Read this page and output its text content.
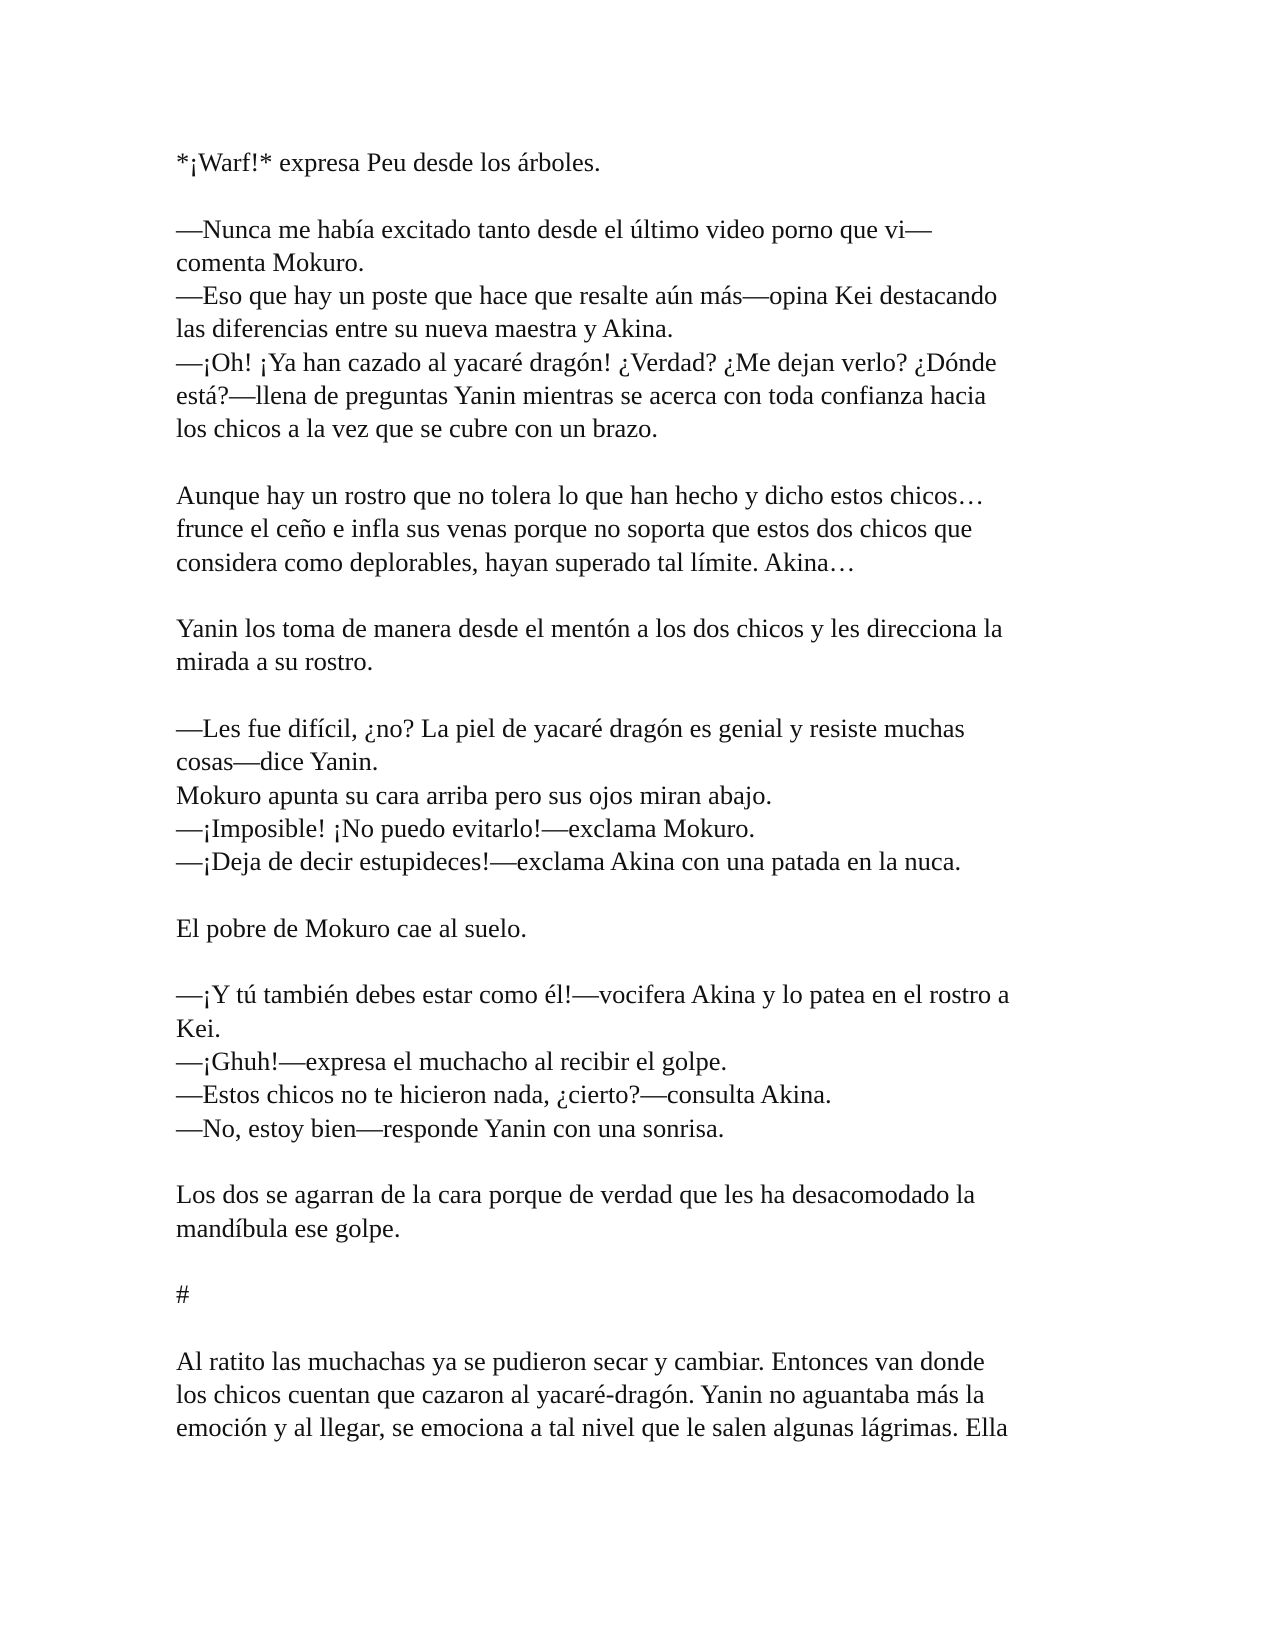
*¡Warf!* expresa Peu desde los árboles.
—Nunca me había excitado tanto desde el último video porno que vi—
comenta Mokuro.
—Eso que hay un poste que hace que resalte aún más—opina Kei destacando
las diferencias entre su nueva maestra y Akina.
—¡Oh! ¡Ya han cazado al yacaré dragón! ¿Verdad? ¿Me dejan verlo? ¿Dónde
está?—llena de preguntas Yanin mientras se acerca con toda confianza hacia
los chicos a la vez que se cubre con un brazo.
Aunque hay un rostro que no tolera lo que han hecho y dicho estos chicos…
frunce el ceño e infla sus venas porque no soporta que estos dos chicos que
considera como deplorables, hayan superado tal límite. Akina…
Yanin los toma de manera desde el mentón a los dos chicos y les direcciona la
mirada a su rostro.
—Les fue difícil, ¿no? La piel de yacaré dragón es genial y resiste muchas
cosas—dice Yanin.
Mokuro apunta su cara arriba pero sus ojos miran abajo.
—¡Imposible! ¡No puedo evitarlo!—exclama Mokuro.
—¡Deja de decir estupideces!—exclama Akina con una patada en la nuca.
El pobre de Mokuro cae al suelo.
—¡Y tú también debes estar como él!—vocifera Akina y lo patea en el rostro a
Kei.
—¡Ghuh!—expresa el muchacho al recibir el golpe.
—Estos chicos no te hicieron nada, ¿cierto?—consulta Akina.
—No, estoy bien—responde Yanin con una sonrisa.
Los dos se agarran de la cara porque de verdad que les ha desacomodado la
mandíbula ese golpe.
#
Al ratito las muchachas ya se pudieron secar y cambiar. Entonces van donde
los chicos cuentan que cazaron al yacaré-dragón. Yanin no aguantaba más la
emoción y al llegar, se emociona a tal nivel que le salen algunas lágrimas. Ella
